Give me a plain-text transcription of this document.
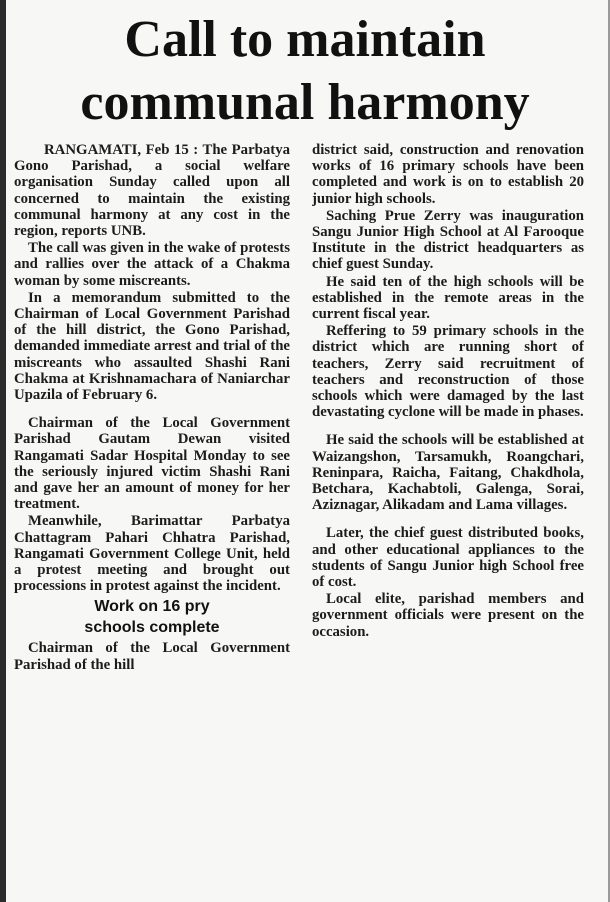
Call to maintain
communal harmony

RANGAMATI, Feb 15 : The Parbatya Gono Parishad, a social welfare organisation Sunday called upon all concerned to maintain the existing communal harmony at any cost in the region, reports UNB.

The call was given in the wake of protests and rallies over the attack of a Chakma woman by some miscreants.

In a memorandum submitted to the Chairman of Local Government Parishad of the hill district, the Gono Parishad, demanded immediate arrest and trial of the miscreants who assaulted Shashi Rani Chakma at Krishnamachara of Naniarchar Upazila of February 6.

Chairman of the Local Government Parishad Gautam Dewan visited Rangamati Sadar Hospital Monday to see the seriously injured victim Shashi Rani and gave her an amount of money for her treatment.

Meanwhile, Barimattar Parbatya Chattagram Pahari Chhatra Parishad, Rangamati Government College Unit, held a protest meeting and brought out processions in protest against the incident.

Work on 16 pry
schools complete

Chairman of the Local Government Parishad of the hill

district said, construction and renovation works of 16 primary schools have been completed and work is on to establish 20 junior high schools.

Saching Prue Zerry was inauguration Sangu Junior High School at Al Farooque Institute in the district headquarters as chief guest Sunday.

He said ten of the high schools will be established in the remote areas in the current fiscal year.

Reffering to 59 primary schools in the district which are running short of teachers, Zerry said recruitment of teachers and reconstruction of those schools which were damaged by the last devastating cyclone will be made in phases.

He said the schools will be established at Waizangshon, Tarsamukh, Roangchari, Reninpara, Raicha, Faitang, Chakdhola, Betchara, Kachabtoli, Galenga, Sorai, Aziznagar, Alikadam and Lama villages.

Later, the chief guest distributed books, and other educational appliances to the students of Sangu Junior high School free of cost.

Local elite, parishad members and government officials were present on the occasion.
